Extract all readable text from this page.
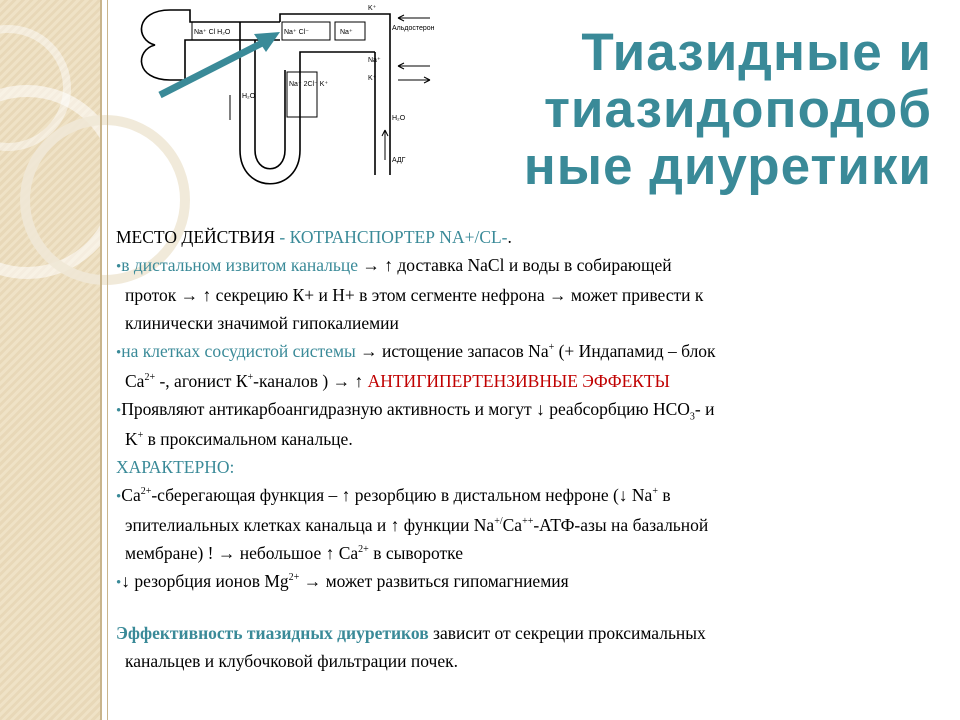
Na⁺ Cl H₂O	Na⁺ Cl⁻	Na⁺
K⁺
Альдостерон
Na⁺
K⁺
Na⁺ 2Cl⁻ K⁺
H₂O
H₂O
АДГ
Тиазидные и
тиазидоподоб
ные диуретики
МЕСТО ДЕЙСТВИЯ - КОТРАНСПОРТЕР NA+/CL-.
•в дистальном извитом канальце → ↑ доставка NaCl и воды в собирающей
проток → ↑ секрецию К+ и Н+ в этом сегменте нефрона → может привести к
клинически значимой гипокалиемии
•на клетках сосудистой системы → истощение запасов Na+ (+ Индапамид – блок
$Ca^{2+}$ -, агонист К+-каналов ) → ↑ АНТИГИПЕРТЕНЗИВНЫЕ ЭФФЕКТЫ
•Проявляют антикарбоангидразную активность и могут ↓ реабсорбцию $НСО_3-$ и
K+ в проксимальном канальце.
ХАРАКТЕРНО:
$•Ca^{2+}$-сберегающая функция – ↑ резорбцию в дистальном нефроне (↓ Na+ в
эпителиальных клетках канальца и ↑ функции Na+/Ca++-АТФ-азы на базальной
мембране) ! → небольшое ↑ $Ca^{2+}$ в сыворотке
•↓ резорбция ионов $Mg^{2+}$ → может развиться гипомагниемия
Эффективность тиазидных диуретиков зависит от секреции проксимальных
канальцев и клубочковой фильтрации почек.
